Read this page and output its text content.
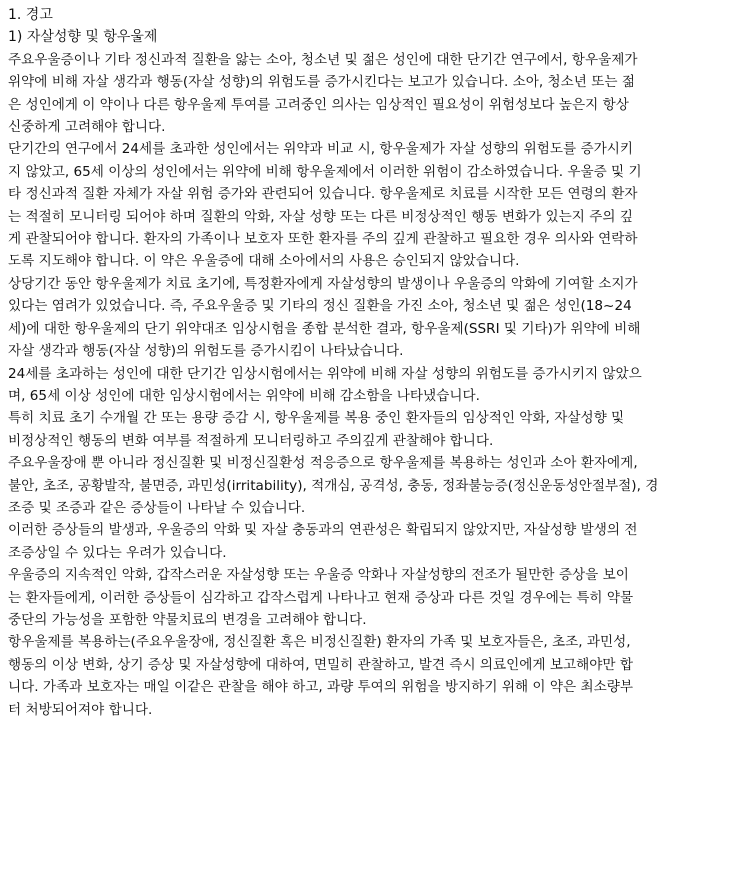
1. 경고

1) 자살성향 및 항우울제

주요우울증이나 기타 정신과적 질환을 앓는 소아, 청소년 및 젊은 성인에 대한 단기간 연구에서, 항우울제가

위약에 비해 자살 생각과 행동(자살 성향)의 위험도를 증가시킨다는 보고가 있습니다. 소아, 청소년 또는 젊

은 성인에게 이 약이나 다른 항우울제 투여를 고려중인 의사는 임상적인 필요성이 위험성보다 높은지 항상

신중하게 고려해야 합니다.

단기간의 연구에서 24세를 초과한 성인에서는 위약과 비교 시, 항우울제가 자살 성향의 위험도를 증가시키

지 않았고, 65세 이상의 성인에서는 위약에 비해 항우울제에서 이러한 위험이 감소하였습니다. 우울증 및 기

타 정신과적 질환 자체가 자살 위험 증가와 관련되어 있습니다. 항우울제로 치료를 시작한 모든 연령의 환자

는 적절히 모니터링 되어야 하며 질환의 악화, 자살 성향 또는 다른 비정상적인 행동 변화가 있는지 주의 깊

게 관찰되어야 합니다. 환자의 가족이나 보호자 또한 환자를 주의 깊게 관찰하고 필요한 경우 의사와 연락하

도록 지도해야 합니다. 이 약은 우울증에 대해 소아에서의 사용은 승인되지 않았습니다.

상당기간 동안 항우울제가 치료 초기에, 특정환자에게 자살성향의 발생이나 우울증의 악화에 기여할 소지가

있다는 염려가 있었습니다. 즉, 주요우울증 및 기타의 정신 질환을 가진 소아, 청소년 및 젊은 성인(18~24

세)에 대한 항우울제의 단기 위약대조 임상시험을 종합 분석한 결과, 항우울제(SSRI 및 기타)가 위약에 비해

자살 생각과 행동(자살 성향)의 위험도를 증가시킴이 나타났습니다.

24세를 초과하는 성인에 대한 단기간 임상시험에서는 위약에 비해 자살 성향의 위험도를 증가시키지 않았으

며, 65세 이상 성인에 대한 임상시험에서는 위약에 비해 감소함을 나타냈습니다.

특히 치료 초기 수개월 간 또는 용량 증감 시, 항우울제를 복용 중인 환자들의 임상적인 악화, 자살성향 및

비정상적인 행동의 변화 여부를 적절하게 모니터링하고 주의깊게 관찰해야 합니다.

주요우울장애 뿐 아니라 정신질환 및 비정신질환성 적응증으로 항우울제를 복용하는 성인과 소아 환자에게,

불안, 초조, 공황발작, 불면증, 과민성(irritability), 적개심, 공격성, 충동, 정좌불능증(정신운동성안절부절), 경

조증 및 조증과 같은 증상들이 나타날 수 있습니다.

이러한 증상들의 발생과, 우울증의 악화 및 자살 충동과의 연관성은 확립되지 않았지만, 자살성향 발생의 전

조증상일 수 있다는 우려가 있습니다.

우울증의 지속적인 악화, 갑작스러운 자살성향 또는 우울증 악화나 자살성향의 전조가 될만한 증상을 보이

는 환자들에게, 이러한 증상들이 심각하고 갑작스럽게 나타나고 현재 증상과 다른 것일 경우에는 특히 약물

중단의 가능성을 포함한 약물치료의 변경을 고려해야 합니다.

항우울제를 복용하는(주요우울장애, 정신질환 혹은 비정신질환) 환자의 가족 및 보호자들은, 초조, 과민성,

행동의 이상 변화, 상기 증상 및 자살성향에 대하여, 면밀히 관찰하고, 발견 즉시 의료인에게 보고해야만 합

니다. 가족과 보호자는 매일 이같은 관찰을 해야 하고, 과량 투여의 위험을 방지하기 위해 이 약은 최소량부

터 처방되어져야 합니다.
